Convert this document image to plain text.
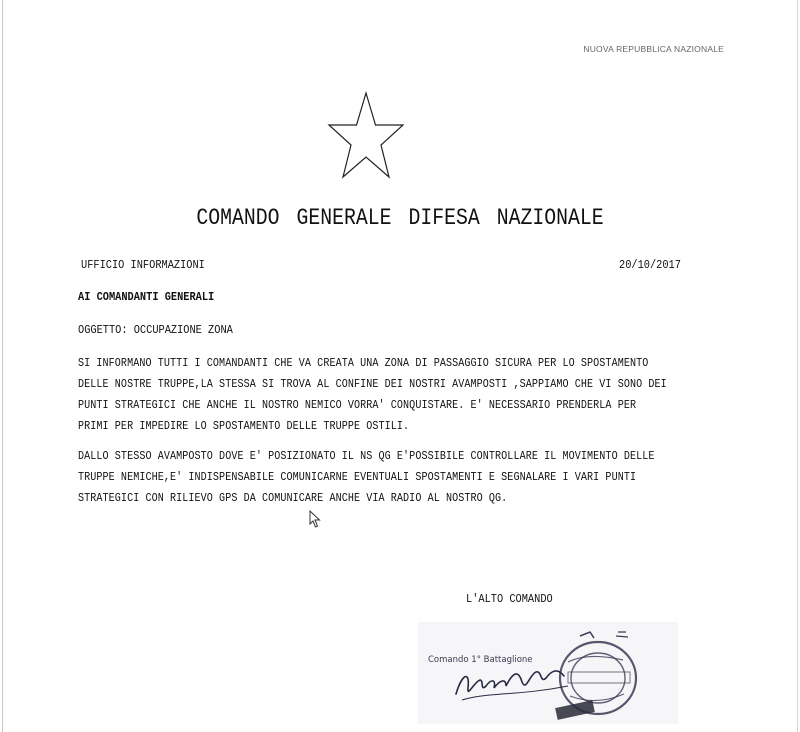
NUOVA REPUBBLICA NAZIONALE
COMANDO GENERALE DIFESA NAZIONALE
UFFICIO INFORMAZIONI	20/10/2017
AI COMANDANTI GENERALI
OGGETTO: OCCUPAZIONE ZONA
SI INFORMANO TUTTI I COMANDANTI CHE VA CREATA UNA ZONA DI PASSAGGIO SICURA PER LO SPOSTAMENTO
DELLE NOSTRE TRUPPE,LA STESSA SI TROVA AL CONFINE DEI NOSTRI AVAMPOSTI ,SAPPIAMO CHE VI SONO DEI
PUNTI STRATEGICI CHE ANCHE IL NOSTRO NEMICO VORRA' CONQUISTARE. E' NECESSARIO PRENDERLA PER
PRIMI PER IMPEDIRE LO SPOSTAMENTO DELLE TRUPPE OSTILI.
DALLO STESSO AVAMPOSTO DOVE E' POSIZIONATO IL NS QG E'POSSIBILE CONTROLLARE IL MOVIMENTO DELLE
TRUPPE NEMICHE,E' INDISPENSABILE COMUNICARNE EVENTUALI SPOSTAMENTI E SEGNALARE I VARI PUNTI
STRATEGICI CON RILIEVO GPS DA COMUNICARE ANCHE VIA RADIO AL NOSTRO QG.
L'ALTO COMANDO
Comando 1° Battaglione
Maya Singo
